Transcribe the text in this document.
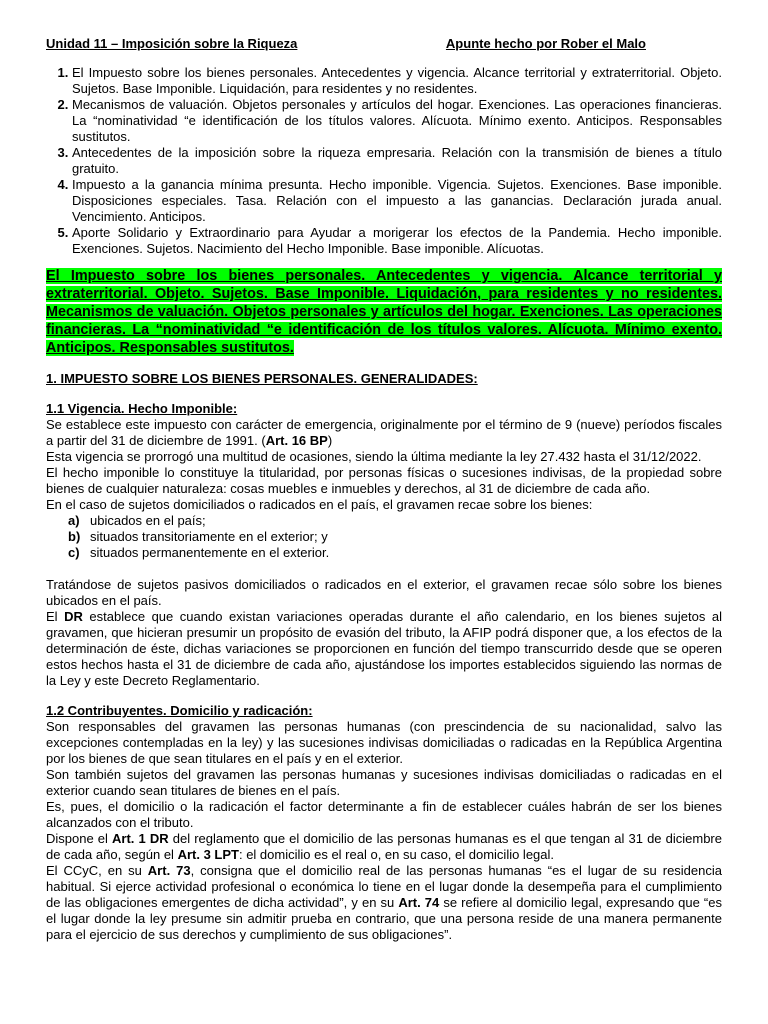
Unidad 11 – Imposición sobre la Riqueza	Apunte hecho por Rober el Malo
1. El Impuesto sobre los bienes personales. Antecedentes y vigencia. Alcance territorial y extraterritorial. Objeto. Sujetos. Base Imponible. Liquidación, para residentes y no residentes.
2. Mecanismos de valuación. Objetos personales y artículos del hogar. Exenciones. Las operaciones financieras. La “nominatividad “e identificación de los títulos valores. Alícuota. Mínimo exento. Anticipos. Responsables sustitutos.
3. Antecedentes de la imposición sobre la riqueza empresaria. Relación con la transmisión de bienes a título gratuito.
4. Impuesto a la ganancia mínima presunta. Hecho imponible. Vigencia. Sujetos. Exenciones. Base imponible. Disposiciones especiales. Tasa. Relación con el impuesto a las ganancias. Declaración jurada anual. Vencimiento. Anticipos.
5. Aporte Solidario y Extraordinario para Ayudar a morigerar los efectos de la Pandemia. Hecho imponible. Exenciones. Sujetos. Nacimiento del Hecho Imponible. Base imponible. Alícuotas.
El Impuesto sobre los bienes personales. Antecedentes y vigencia. Alcance territorial y extraterritorial. Objeto. Sujetos. Base Imponible. Liquidación, para residentes y no residentes. Mecanismos de valuación. Objetos personales y artículos del hogar. Exenciones. Las operaciones financieras. La “nominatividad “e identificación de los títulos valores. Alícuota. Mínimo exento. Anticipos. Responsables sustitutos.
1. IMPUESTO SOBRE LOS BIENES PERSONALES. GENERALIDADES:
1.1 Vigencia. Hecho Imponible:

Se establece este impuesto con carácter de emergencia, originalmente por el término de 9 (nueve) períodos fiscales a partir del 31 de diciembre de 1991. (Art. 16 BP)

Esta vigencia se prorrogó una multitud de ocasiones, siendo la última mediante la ley 27.432 hasta el 31/12/2022.

El hecho imponible lo constituye la titularidad, por personas físicas o sucesiones indivisas, de la propiedad sobre bienes de cualquier naturaleza: cosas muebles e inmuebles y derechos, al 31 de diciembre de cada año.

En el caso de sujetos domiciliados o radicados en el país, el gravamen recae sobre los bienes:

a) ubicados en el país;
b) situados transitoriamente en el exterior; y
c) situados permanentemente en el exterior.

Tratándose de sujetos pasivos domiciliados o radicados en el exterior, el gravamen recae sólo sobre los bienes ubicados en el país.

El DR establece que cuando existan variaciones operadas durante el año calendario, en los bienes sujetos al gravamen, que hicieran presumir un propósito de evasión del tributo, la AFIP podrá disponer que, a los efectos de la determinación de éste, dichas variaciones se proporcionen en función del tiempo transcurrido desde que se operen estos hechos hasta el 31 de diciembre de cada año, ajustándose los importes establecidos siguiendo las normas de la Ley y este Decreto Reglamentario.

1.2 Contribuyentes. Domicilio y radicación:

Son responsables del gravamen las personas humanas (con prescindencia de su nacionalidad, salvo las excepciones contempladas en la ley) y las sucesiones indivisas domiciliadas o radicadas en la República Argentina por los bienes de que sean titulares en el país y en el exterior.

Son también sujetos del gravamen las personas humanas y sucesiones indivisas domiciliadas o radicadas en el exterior cuando sean titulares de bienes en el país.

Es, pues, el domicilio o la radicación el factor determinante a fin de establecer cuáles habrán de ser los bienes alcanzados con el tributo.

Dispone el Art. 1 DR del reglamento que el domicilio de las personas humanas es el que tengan al 31 de diciembre de cada año, según el Art. 3 LPT: el domicilio es el real o, en su caso, el domicilio legal.

El CCyC, en su Art. 73, consigna que el domicilio real de las personas humanas “es el lugar de su residencia habitual. Si ejerce actividad profesional o económica lo tiene en el lugar donde la desempeña para el cumplimiento de las obligaciones emergentes de dicha actividad”, y en su Art. 74 se refiere al domicilio legal, expresando que “es el lugar donde la ley presume sin admitir prueba en contrario, que una persona reside de una manera permanente para el ejercicio de sus derechos y cumplimiento de sus obligaciones”.
